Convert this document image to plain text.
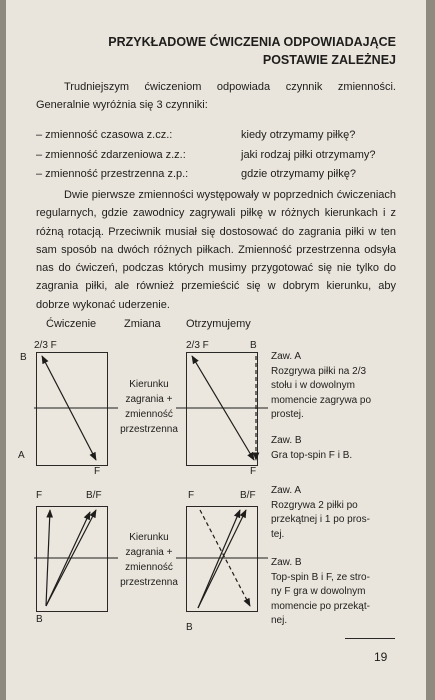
PRZYKŁADOWE ĆWICZENIA ODPOWIADAJĄCE
POSTAWIE ZALEŻNEJ
Trudniejszym ćwiczeniom odpowiada czynnik zmienności. Generalnie wyróżnia się 3 czynniki:
– zmienność czasowa z.cz.:	kiedy otrzymamy piłkę?
– zmienność zdarzeniowa z.z.:	jaki rodzaj piłki otrzymamy?
– zmienność przestrzenna z.p.:	gdzie otrzymamy piłkę?
Dwie pierwsze zmienności występowały w poprzednich ćwiczeniach regularnych, gdzie zawodnicy zagrywali piłkę w różnych kierunkach i z różną rotacją. Przeciwnik musiał się dostosować do zagrania piłki w ten sam sposób na dwóch różnych piłkach. Zmienność przestrzenna odsyła nas do ćwiczeń, podczas których musimy przygotować się nie tylko do zagrania piłki, ale również przemieścić się w dobrym kierunku, aby dobrze wykonać uderzenie.
Ćwiczenie	Zmiana Otrzymujemy
2/3 F
B
A
F
2/3 F	B
F
Kierunku
zagrania +
zmienność
przestrzenna
Zaw. A
Rozgrywa piłki na 2/3
stołu i w dowolnym
momencie zagrywa po
prostej.
Zaw. B
Gra top-spin F i B.
F	B/F
B
F	B/F
B
Kierunku
zagrania +
zmienność
przestrzenna
Zaw. A
Rozgrywa 2 piłki po
przekątnej i 1 po pros-
tej.
Zaw. B
Top-spin B i F, ze stro-
ny F gra w dowolnym
momencie po przekąt-
nej.
19
